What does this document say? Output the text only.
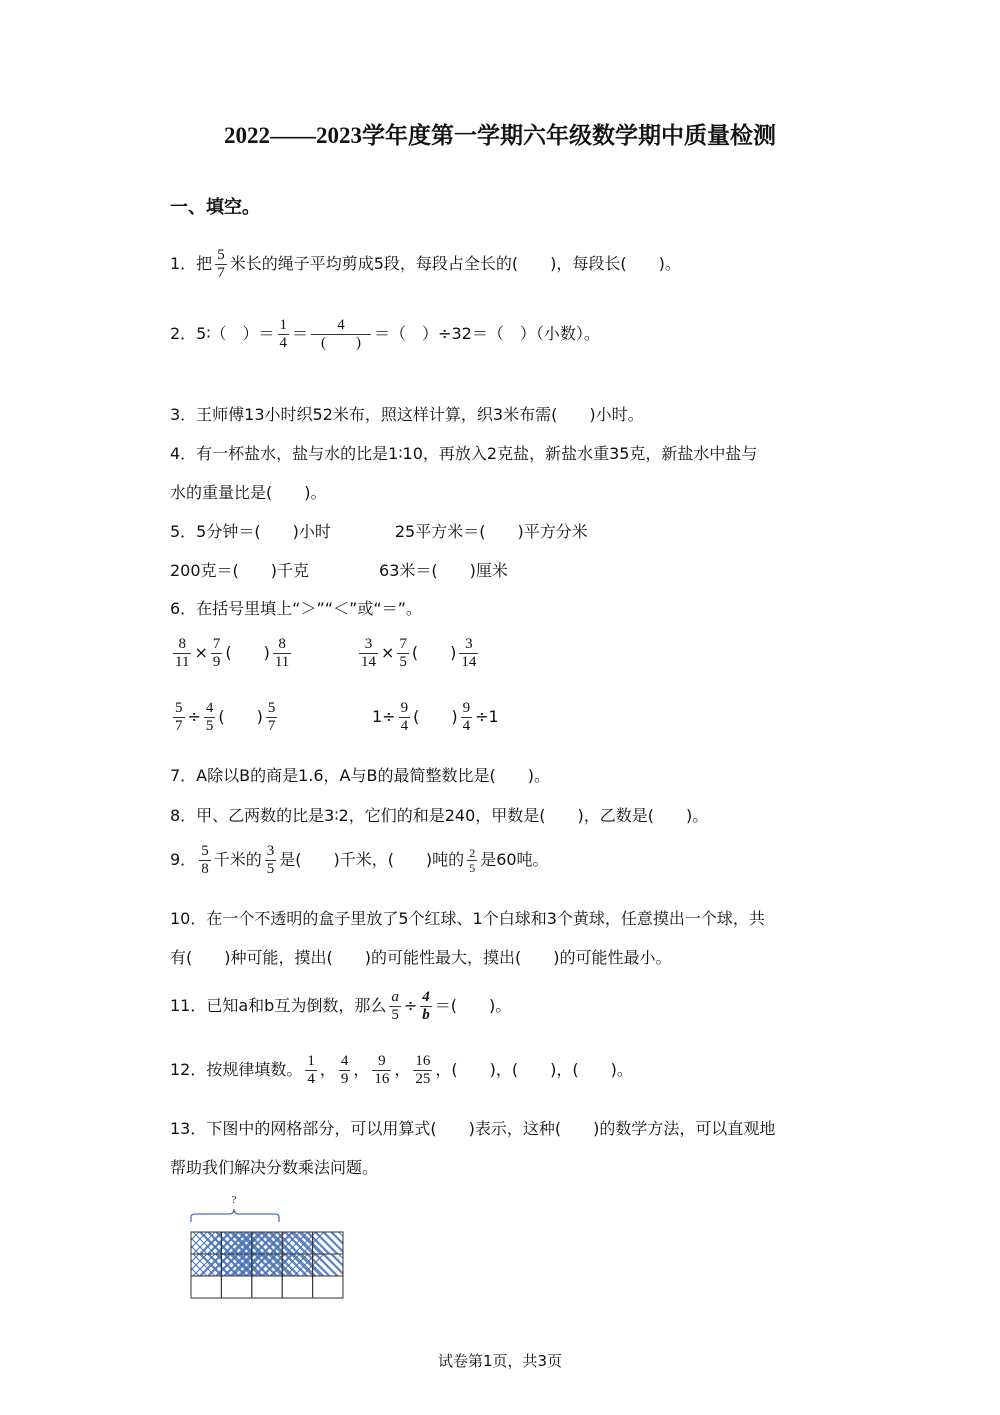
2022——2023学年度第一学期六年级数学期中质量检测
一、填空。
1．把 $\frac{5}{7}$ 米长的绳子平均剪成5段，每段占全长的(　　)，每段长(　　)。
2．5∶（　）＝ $\frac{1}{4} = \frac{4}{( )}$ ＝（　）÷32＝（　）（小数）。
3．王师傅13小时织52米布，照这样计算，织3米布需(　　)小时。
4．有一杯盐水，盐与水的比是1∶10，再放入2克盐，新盐水重35克，新盐水中盐与
水的重量比是(　　)。
5．5分钟＝(　　)小时	25平方米＝(　　)平方分米
200克＝(　　)千克	63米＝(　　)厘米
6．在括号里填上“＞”“＜”或“＝”。
$\frac{8}{11} \times \frac{7}{9}$ (　　) $\frac{8}{11}$	$\frac{3}{14} \times \frac{7}{5}$ (　　) $\frac{3}{14}$
$\frac{5}{7} \div \frac{4}{5}$ (　　) $\frac{5}{7}$	$1\div \frac{9}{4}$ (　　) $\frac{9}{4} \div 1$
7．A除以B的商是1.6，A与B的最简整数比是(　　)。
8．甲、乙两数的比是3∶2，它们的和是240，甲数是(　　)，乙数是(　　)。
9． $\frac{5}{8}$ 千米的 $\frac{3}{5}$ 是(　　)千米，(　　)吨的 $\frac{2}{5}$ 是60吨。
10．在一个不透明的盒子里放了5个红球、1个白球和3个黄球，任意摸出一个球，共
有(　　)种可能，摸出(　　)的可能性最大，摸出(　　)的可能性最小。
11．已知a和b互为倒数，那么 $\frac{a}{5} \div \frac{4}{b}$ ＝(　　)。
12．按规律填数。 $\frac{1}{4}$ ， $\frac{4}{9}$ ， $\frac{9}{16}$ ， $\frac{16}{25}$ ，(　　)，(　　)，(　　)。
13．下图中的网格部分，可以用算式(　　)表示，这种(　　)的数学方法，可以直观地
帮助我们解决分数乘法问题。
?
试卷第1页，共3页
